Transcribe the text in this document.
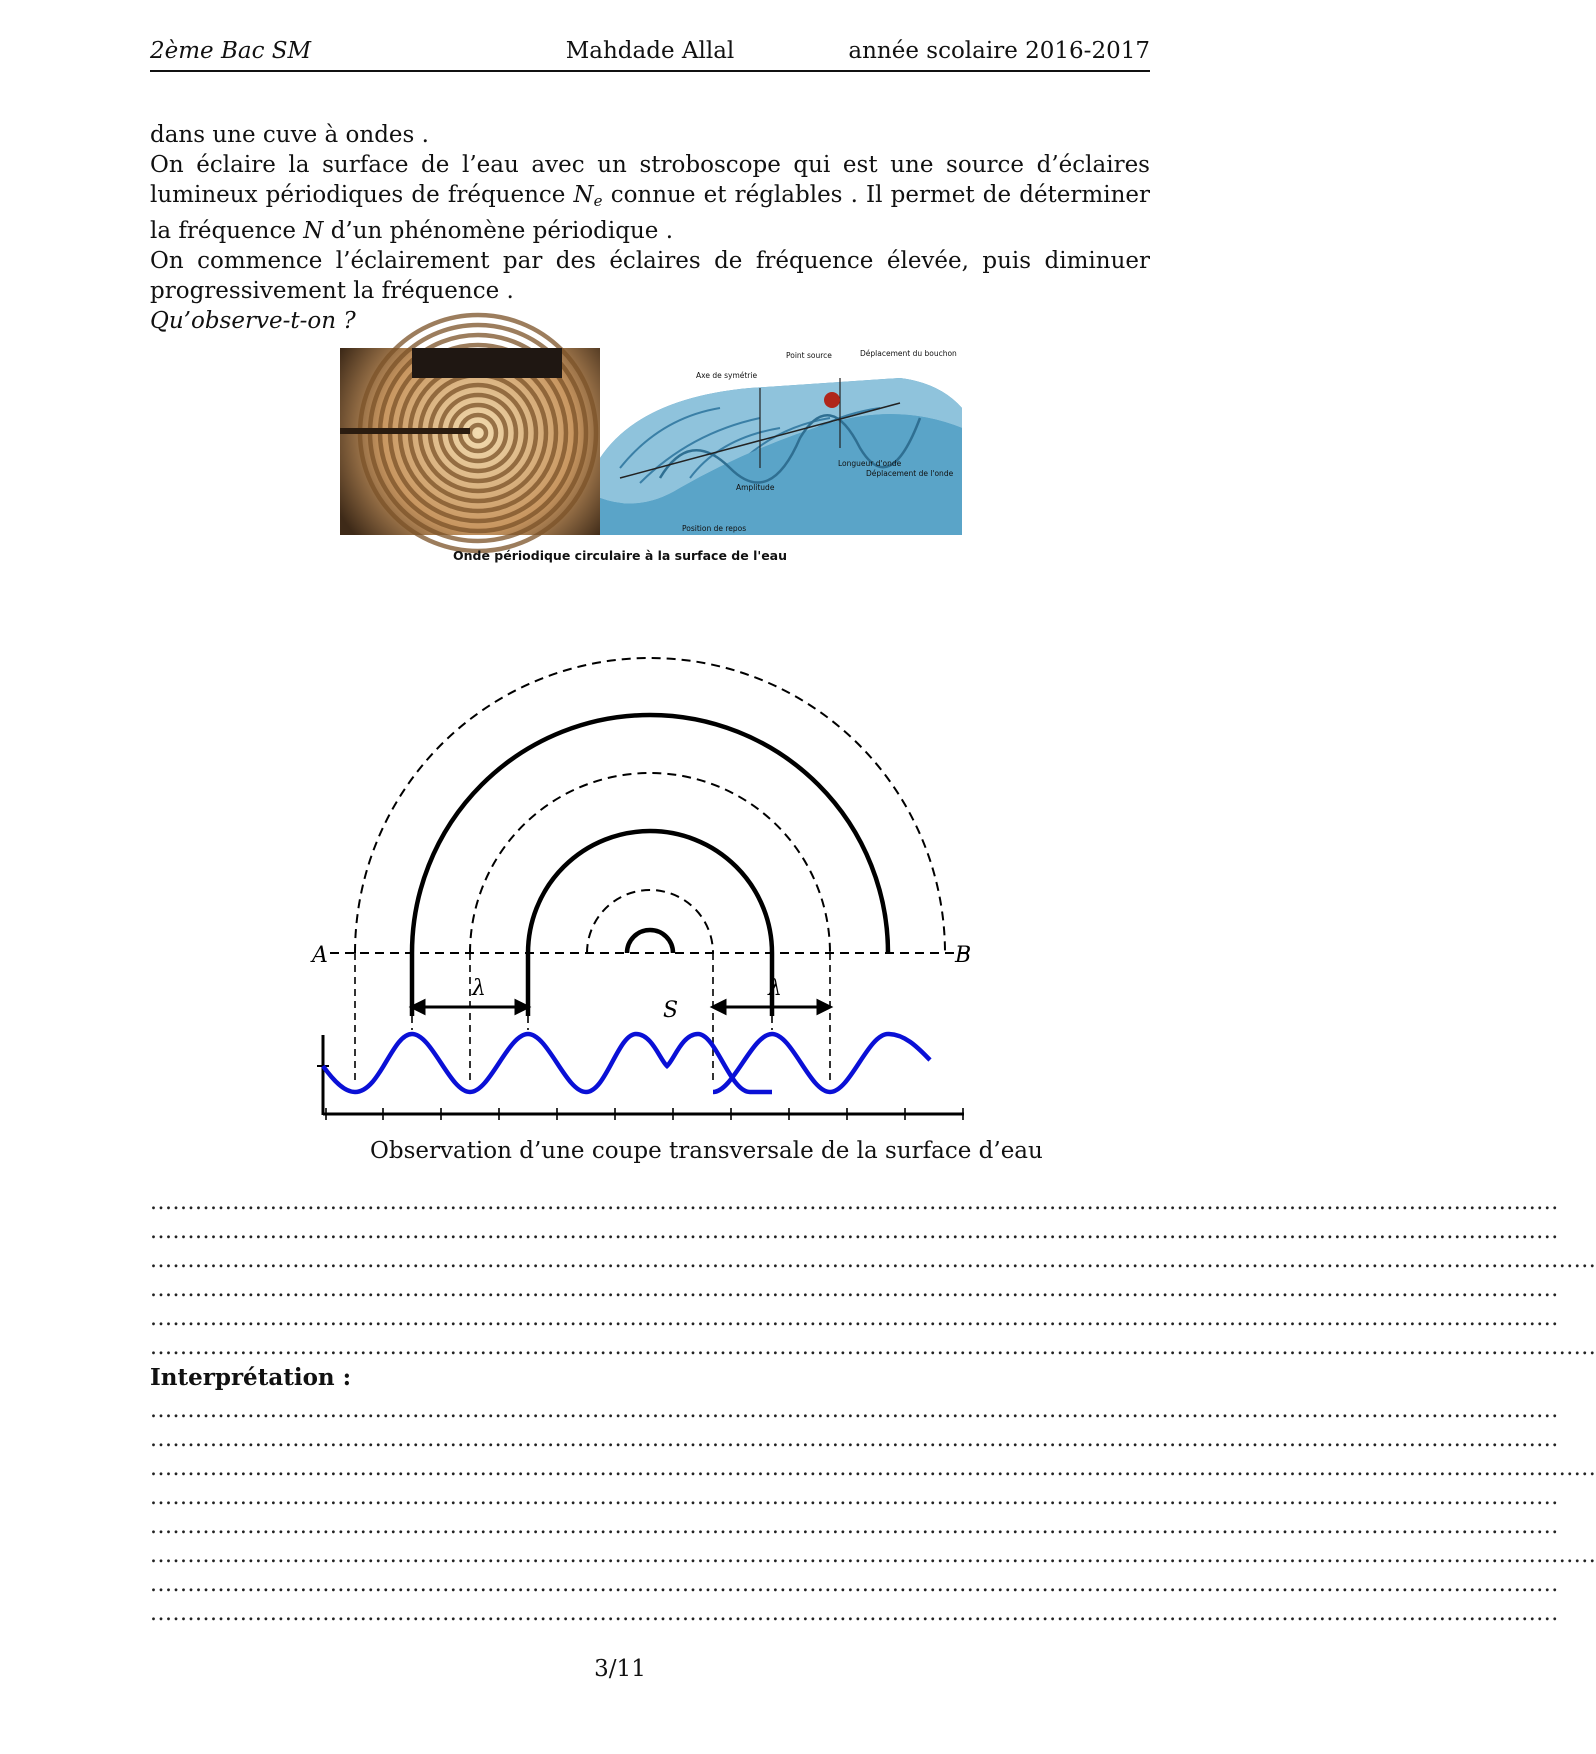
2ème Bac SM	Mahdade Allal	année scolaire 2016-2017

dans une cuve à ondes .

On éclaire la surface de l’eau avec un stroboscope qui est une source d’éclaires lumineux périodiques de fréquence $N_e$ connue et réglables . Il permet de déterminer la fréquence N d’un phénomène périodique .

On commence l’éclairement par des éclaires de fréquence élevée, puis diminuer progressivement la fréquence .

Qu’observe-t-on ?

Point source	Déplacement du bouchon
Axe de symétrie
Longueur d'onde
Déplacement de l'onde
Amplitude
Position de repos
Onde périodique circulaire à la surface de l'eau
A	B
S
λ	λ
Observation d’une coupe transversale de la surface d’eau
............................................................................................................................................................................................
............................................................................................................................................................................................
.................................................................................................................................................................................................
............................................................................................................................................................................................
............................................................................................................................................................................................
.................................................................................................................................................................................................
Interprétation :
............................................................................................................................................................................................
............................................................................................................................................................................................
.................................................................................................................................................................................................
............................................................................................................................................................................................
............................................................................................................................................................................................
.................................................................................................................................................................................................
............................................................................................................................................................................................
............................................................................................................................................................................................
3/11
